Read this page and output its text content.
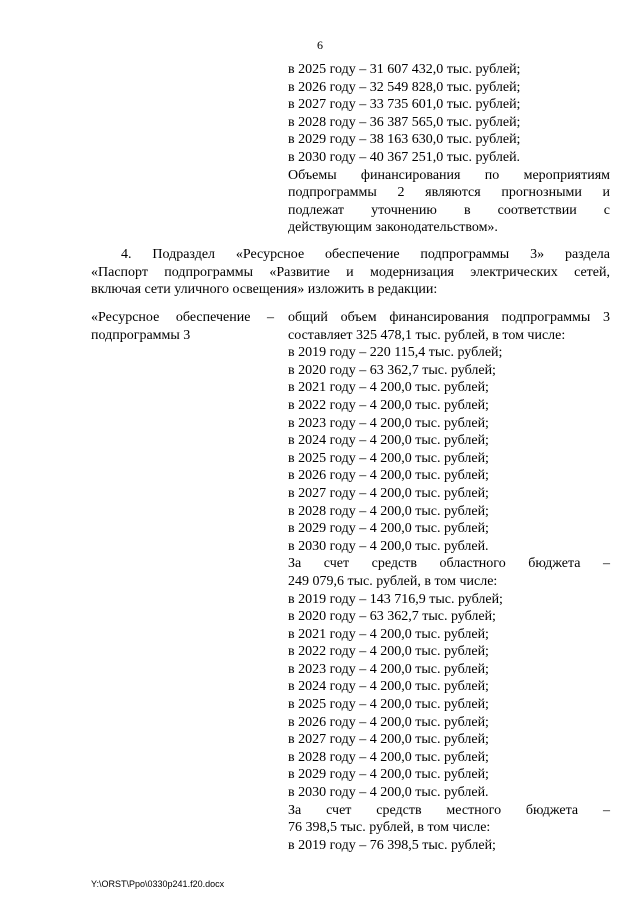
6
в 2025 году – 31 607 432,0 тыс. рублей;
в 2026 году – 32 549 828,0 тыс. рублей;
в 2027 году – 33 735 601,0 тыс. рублей;
в 2028 году – 36 387 565,0 тыс. рублей;
в 2029 году – 38 163 630,0 тыс. рублей;
в 2030 году – 40 367 251,0 тыс. рублей.
Объемы финансирования по мероприятиям
подпрограммы 2 являются прогнозными и
подлежат уточнению в соответствии с
действующим законодательством».
4. Подраздел «Ресурсное обеспечение подпрограммы 3» раздела
«Паспорт подпрограммы «Развитие и модернизация электрических сетей,
включая сети уличного освещения» изложить в редакции:
«Ресурсное обеспечение –
подпрограммы 3
общий объем финансирования подпрограммы 3
составляет 325 478,1 тыс. рублей, в том числе:
в 2019 году – 220 115,4 тыс. рублей;
в 2020 году – 63 362,7 тыс. рублей;
в 2021 году – 4 200,0 тыс. рублей;
в 2022 году – 4 200,0 тыс. рублей;
в 2023 году – 4 200,0 тыс. рублей;
в 2024 году – 4 200,0 тыс. рублей;
в 2025 году – 4 200,0 тыс. рублей;
в 2026 году – 4 200,0 тыс. рублей;
в 2027 году – 4 200,0 тыс. рублей;
в 2028 году – 4 200,0 тыс. рублей;
в 2029 году – 4 200,0 тыс. рублей;
в 2030 году – 4 200,0 тыс. рублей.
За счет средств областного бюджета –
249 079,6 тыс. рублей, в том числе:
в 2019 году – 143 716,9 тыс. рублей;
в 2020 году – 63 362,7 тыс. рублей;
в 2021 году – 4 200,0 тыс. рублей;
в 2022 году – 4 200,0 тыс. рублей;
в 2023 году – 4 200,0 тыс. рублей;
в 2024 году – 4 200,0 тыс. рублей;
в 2025 году – 4 200,0 тыс. рублей;
в 2026 году – 4 200,0 тыс. рублей;
в 2027 году – 4 200,0 тыс. рублей;
в 2028 году – 4 200,0 тыс. рублей;
в 2029 году – 4 200,0 тыс. рублей;
в 2030 году – 4 200,0 тыс. рублей.
За счет средств местного бюджета –
76 398,5 тыс. рублей, в том числе:
в 2019 году – 76 398,5 тыс. рублей;
Y:\ORST\Ppo\0330p241.f20.docx
